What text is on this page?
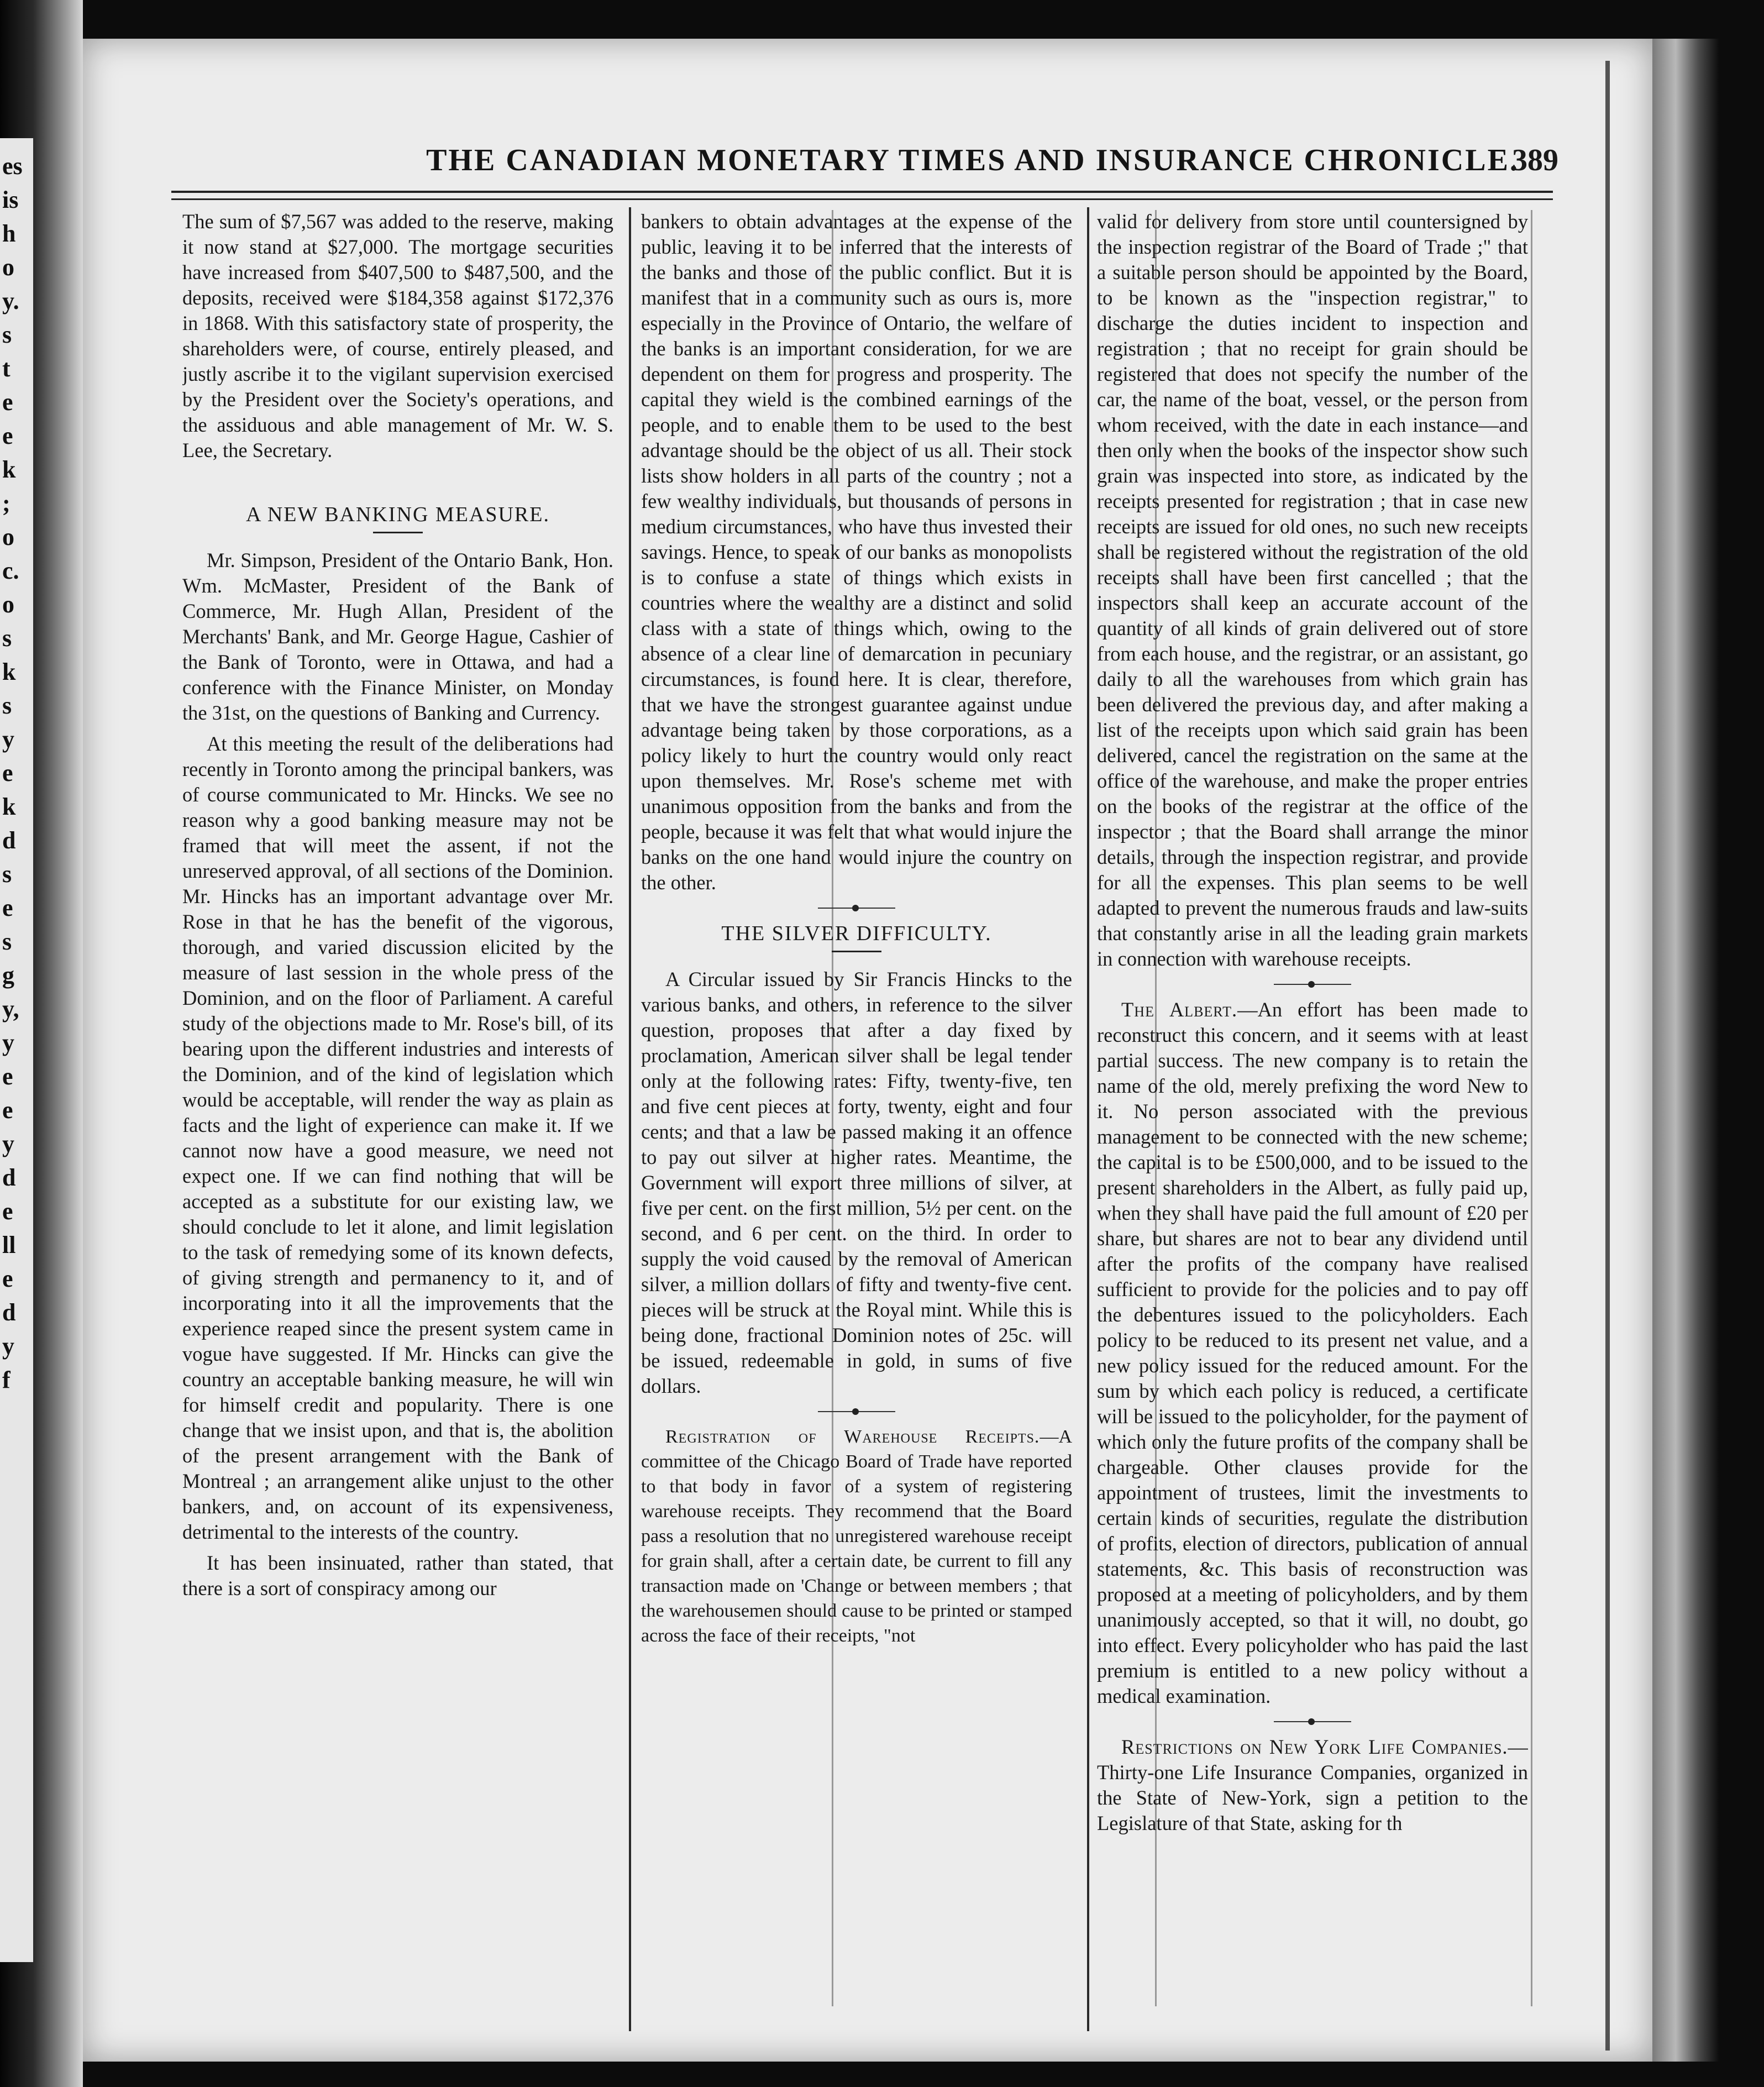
es
is
h
o
y.
s
t
e
e
k
;
o
c.
o
s
k
s
y
e
k
d
s
e
s
g
y,
y
e
e
y
d
e
ll
e
d
y
f
THE CANADIAN MONETARY TIMES AND INSURANCE CHRONICLE.
389

The sum of $7,567 was added to the reserve, making it now stand at $27,000. The mortgage securities have increased from $407,500 to $487,500, and the deposits, received were $184,358 against $172,376 in 1868. With this satisfactory state of prosperity, the shareholders were, of course, entirely pleased, and justly ascribe it to the vigilant supervision exercised by the President over the Society's operations, and the assiduous and able management of Mr. W. S. Lee, the Secretary.

A NEW BANKING MEASURE.

Mr. Simpson, President of the Ontario Bank, Hon. Wm. McMaster, President of the Bank of Commerce, Mr. Hugh Allan, President of the Merchants' Bank, and Mr. George Hague, Cashier of the Bank of Toronto, were in Ottawa, and had a conference with the Finance Minister, on Monday the 31st, on the questions of Banking and Currency.

At this meeting the result of the deliberations had recently in Toronto among the principal bankers, was of course communicated to Mr. Hincks. We see no reason why a good banking measure may not be framed that will meet the assent, if not the unreserved approval, of all sections of the Dominion. Mr. Hincks has an important advantage over Mr. Rose in that he has the benefit of the vigorous, thorough, and varied discussion elicited by the measure of last session in the whole press of the Dominion, and on the floor of Parliament. A careful study of the objections made to Mr. Rose's bill, of its bearing upon the different industries and interests of the Dominion, and of the kind of legislation which would be acceptable, will render the way as plain as facts and the light of experience can make it. If we cannot now have a good measure, we need not expect one. If we can find nothing that will be accepted as a substitute for our existing law, we should conclude to let it alone, and limit legislation to the task of remedying some of its known defects, of giving strength and permanency to it, and of incorporating into it all the improvements that the experience reaped since the present system came in vogue have suggested. If Mr. Hincks can give the country an acceptable banking measure, he will win for himself credit and popularity. There is one change that we insist upon, and that is, the abolition of the present arrangement with the Bank of Montreal ; an arrangement alike unjust to the other bankers, and, on account of its expensiveness, detrimental to the interests of the country.

It has been insinuated, rather than stated, that there is a sort of conspiracy among our

bankers to obtain advantages at the expense of the public, leaving it to be inferred that the interests of the banks and those of the public conflict. But it is manifest that in a community such as ours is, more especially in the Province of Ontario, the welfare of the banks is an important consideration, for we are dependent on them for progress and prosperity. The capital they wield is the combined earnings of the people, and to enable them to be used to the best advantage should be the object of us all. Their stock lists show holders in all parts of the country ; not a few wealthy individuals, but thousands of persons in medium circumstances, who have thus invested their savings. Hence, to speak of our banks as monopolists is to confuse a state of things which exists in countries where the wealthy are a distinct and solid class with a state of things which, owing to the absence of a clear line of demarcation in pecuniary circumstances, is found here. It is clear, therefore, that we have the strongest guarantee against undue advantage being taken by those corporations, as a policy likely to hurt the country would only react upon themselves. Mr. Rose's scheme met with unanimous opposition from the banks and from the people, because it was felt that what would injure the banks on the one hand would injure the country on the other.

THE SILVER DIFFICULTY.

A Circular issued by Sir Francis Hincks to the various banks, and others, in reference to the silver question, proposes that after a day fixed by proclamation, American silver shall be legal tender only at the following rates: Fifty, twenty-five, ten and five cent pieces at forty, twenty, eight and four cents; and that a law be passed making it an offence to pay out silver at higher rates. Meantime, the Government will export three millions of silver, at five per cent. on the first million, 5½ per cent. on the second, and 6 per cent. on the third. In order to supply the void caused by the removal of American silver, a million dollars of fifty and twenty-five cent. pieces will be struck at the Royal mint. While this is being done, fractional Dominion notes of 25c. will be issued, redeemable in gold, in sums of five dollars.

Registration of Warehouse Receipts.—A committee of the Chicago Board of Trade have reported to that body in favor of a system of registering warehouse receipts. They recommend that the Board pass a resolution that no unregistered warehouse receipt for grain shall, after a certain date, be current to fill any transaction made on 'Change or between members ; that the warehousemen should cause to be printed or stamped across the face of their receipts, "not

valid for delivery from store until countersigned by the inspection registrar of the Board of Trade ;" that a suitable person should be appointed by the Board, to be known as the "inspection registrar," to discharge the duties incident to inspection and registration ; that no receipt for grain should be registered that does not specify the number of the car, the name of the boat, vessel, or the person from whom received, with the date in each instance—and then only when the books of the inspector show such grain was inspected into store, as indicated by the receipts presented for registration ; that in case new receipts are issued for old ones, no such new receipts shall be registered without the registration of the old receipts shall have been first cancelled ; that the inspectors shall keep an accurate account of the quantity of all kinds of grain delivered out of store from each house, and the registrar, or an assistant, go daily to all the warehouses from which grain has been delivered the previous day, and after making a list of the receipts upon which said grain has been delivered, cancel the registration on the same at the office of the warehouse, and make the proper entries on the books of the registrar at the office of the inspector ; that the Board shall arrange the minor details, through the inspection registrar, and provide for all the expenses. This plan seems to be well adapted to prevent the numerous frauds and law-suits that constantly arise in all the leading grain markets in connection with warehouse receipts.

The Albert.—An effort has been made to reconstruct this concern, and it seems with at least partial success. The new company is to retain the name of the old, merely prefixing the word New to it. No person associated with the previous management to be connected with the new scheme; the capital is to be £500,000, and to be issued to the present shareholders in the Albert, as fully paid up, when they shall have paid the full amount of £20 per share, but shares are not to bear any dividend until after the profits of the company have realised sufficient to provide for the policies and to pay off the debentures issued to the policyholders. Each policy to be reduced to its present net value, and a new policy issued for the reduced amount. For the sum by which each policy is reduced, a certificate will be issued to the policyholder, for the payment of which only the future profits of the company shall be chargeable. Other clauses provide for the appointment of trustees, limit the investments to certain kinds of securities, regulate the distribution of profits, election of directors, publication of annual statements, &c. This basis of reconstruction was proposed at a meeting of policyholders, and by them unanimously accepted, so that it will, no doubt, go into effect. Every policyholder who has paid the last premium is entitled to a new policy without a medical examination.

Restrictions on New York Life Companies.—Thirty-one Life Insurance Companies, organized in the State of New-York, sign a petition to the Legislature of that State, asking for th
